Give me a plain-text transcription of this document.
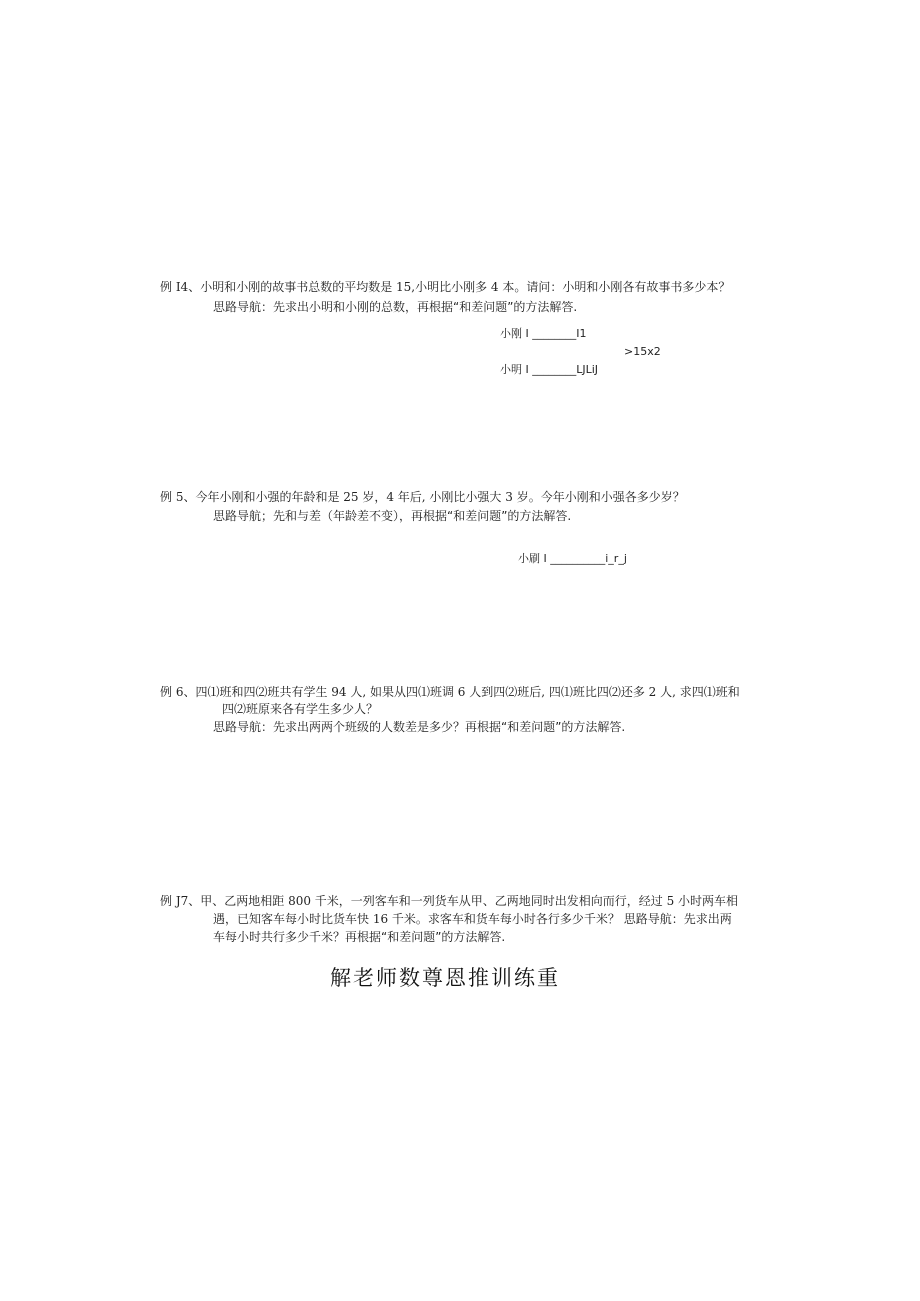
例 I4、小明和小刚的故事书总数的平均数是 15,小明比小刚多 4 本。请问：小明和小刚各有故事书多少本？
思路导航：先求出小明和小刚的总数，再根据“和差问题”的方法解答.
小刚 I ________I1
>15x2
小明 I ________LJLiJ
例 5、今年小刚和小强的年龄和是 25 岁，4 年后, 小刚比小强大 3 岁。今年小刚和小强各多少岁？
思路导航；先和与差（年龄差不变），再根据“和差问题”的方法解答.
小刷 I __________i_r_j
例 6、四⑴班和四⑵班共有学生 94 人, 如果从四⑴班调 6 人到四⑵班后, 四⑴班比四⑵还多 2 人, 求四⑴班和
四⑵班原来各有学生多少人？
思路导航：先求出两两个班级的人数差是多少？再根据“和差问题”的方法解答.
例 J7、甲、乙两地相距 800 千米，一列客车和一列货车从甲、乙两地同时出发相向而行，经过 5 小时两车相
遇，已知客车每小时比货车快 16 千米。求客车和货车每小时各行多少千米？ 思路导航：先求出两
车每小时共行多少千米？再根据“和差问题”的方法解答.
解老师数尊恩推训练重
